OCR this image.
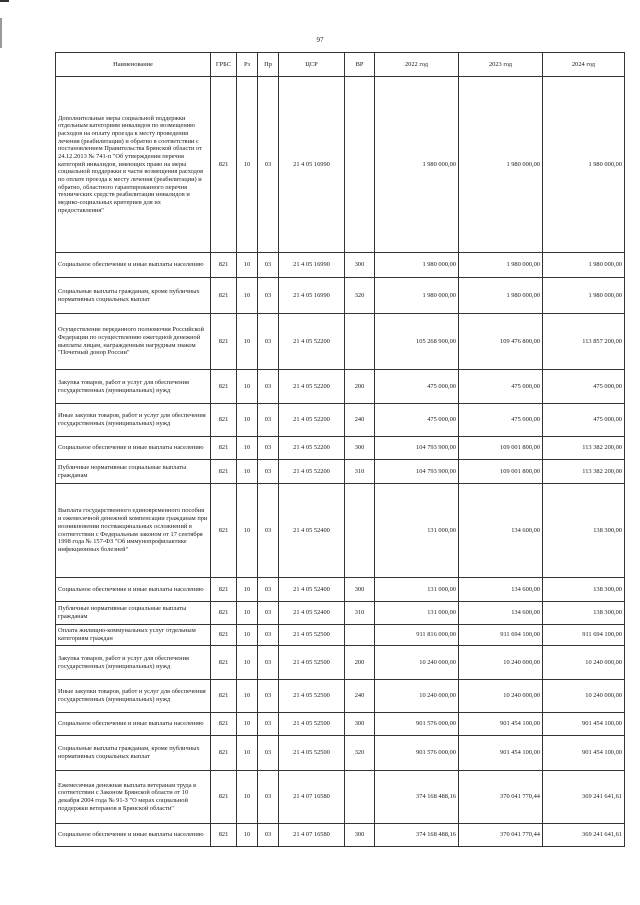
97
Наименование	ГРБС	Рз	Пр	ЦСР	ВР	2022 год	2023 год	2024 год
Дополнительные меры социальной поддержки отдельным категориям инвалидов по возмещению расходов на оплату проезда к месту проведения лечения (реабилитации) и обратно в соответствии с постановлением Правительства Брянской области от 24.12.2013 № 741-п "Об утверждении перечня категорий инвалидов, имеющих право на меры социальной поддержки в части возмещения расходов по оплате проезда к месту лечения (реабилитации) и обратно, областного гарантированного перечня технических средств реабилитации инвалидов и медико-социальных критериев для их предоставления"	821	10	03	21 4 05 16990		1 980 000,00	1 980 000,00	1 980 000,00
Социальное обеспечение и иные выплаты населению	821	10	03	21 4 05 16990	300	1 980 000,00	1 980 000,00	1 980 000,00
Социальные выплаты гражданам, кроме публичных нормативных социальных выплат	821	10	03	21 4 05 16990	320	1 980 000,00	1 980 000,00	1 980 000,00
Осуществление переданного полномочия Российской Федерации по осуществлению ежегодной денежной выплаты лицам, награжденным нагрудным знаком "Почетный донор России"	821	10	03	21 4 05 52200		105 268 900,00	109 476 800,00	113 857 200,00
Закупка товаров, работ и услуг для обеспечения государственных (муниципальных) нужд	821	10	03	21 4 05 52200	200	475 000,00	475 000,00	475 000,00
Иные закупки товаров, работ и услуг для обеспечения государственных (муниципальных) нужд	821	10	03	21 4 05 52200	240	475 000,00	475 000,00	475 000,00
Социальное обеспечение и иные выплаты населению	821	10	03	21 4 05 52200	300	104 793 900,00	109 001 800,00	113 382 200,00
Публичные нормативные социальные выплаты гражданам	821	10	03	21 4 05 52200	310	104 793 900,00	109 001 800,00	113 382 200,00
Выплата государственного единовременного пособия и ежемесячной денежной компенсации гражданам при возникновении поствакцинальных осложнений в соответствии с Федеральным законом от 17 сентября 1998 года № 157-ФЗ "Об иммунопрофилактике инфекционных болезней"	821	10	03	21 4 05 52400		131 000,00	134 600,00	138 300,00
Социальное обеспечение и иные выплаты населению	821	10	03	21 4 05 52400	300	131 000,00	134 600,00	138 300,00
Публичные нормативные социальные выплаты гражданам	821	10	03	21 4 05 52400	310	131 000,00	134 600,00	138 300,00
Оплата жилищно-коммунальных услуг отдельным категориям граждан	821	10	03	21 4 05 52500		911 816 000,00	911 694 100,00	911 694 100,00
Закупка товаров, работ и услуг для обеспечения государственных (муниципальных) нужд	821	10	03	21 4 05 52500	200	10 240 000,00	10 240 000,00	10 240 000,00
Иные закупки товаров, работ и услуг для обеспечения государственных (муниципальных) нужд	821	10	03	21 4 05 52500	240	10 240 000,00	10 240 000,00	10 240 000,00
Социальное обеспечение и иные выплаты населению	821	10	03	21 4 05 52500	300	901 576 000,00	901 454 100,00	901 454 100,00
Социальные выплаты гражданам, кроме публичных нормативных социальных выплат	821	10	03	21 4 05 52500	320	901 576 000,00	901 454 100,00	901 454 100,00
Ежемесячная денежная выплата ветеранам труда в соответствии с Законом Брянской области от 10 декабря 2004 года № 91-З "О мерах социальной поддержки ветеранов в Брянской области"	821	10	03	21 4 07 16580		374 168 488,16	370 041 770,44	369 241 641,61
Социальное обеспечение и иные выплаты населению	821	10	03	21 4 07 16580	300	374 168 488,16	370 041 770,44	369 241 641,61
